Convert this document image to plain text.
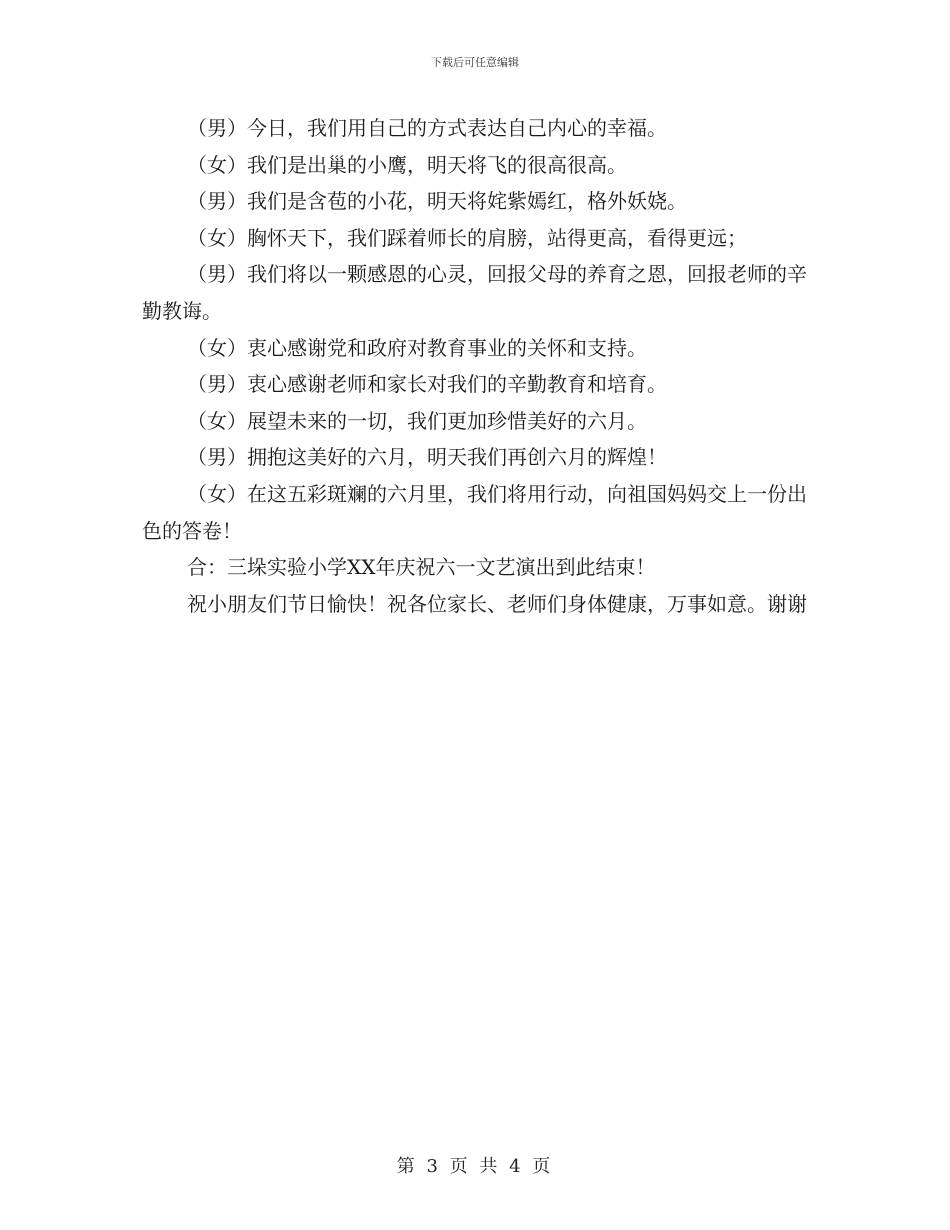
下载后可任意编辑

（男）今日，我们用自己的方式表达自己内心的幸福。

（女）我们是出巢的小鹰，明天将飞的很高很高。

（男）我们是含苞的小花，明天将姹紫嫣红，格外妖娆。

（女）胸怀天下，我们踩着师长的肩膀，站得更高，看得更远；

（男）我们将以一颗感恩的心灵，回报父母的养育之恩，回报老师的辛勤教诲。

（女）衷心感谢党和政府对教育事业的关怀和支持。

（男）衷心感谢老师和家长对我们的辛勤教育和培育。

（女）展望未来的一切，我们更加珍惜美好的六月。

（男）拥抱这美好的六月，明天我们再创六月的辉煌！

（女）在这五彩斑斓的六月里，我们将用行动，向祖国妈妈交上一份出色的答卷！

合：三垛实验小学XX年庆祝六一文艺演出到此结束！

祝小朋友们节日愉快！祝各位家长、老师们身体健康，万事如意。谢谢

第 3 页 共 4 页
